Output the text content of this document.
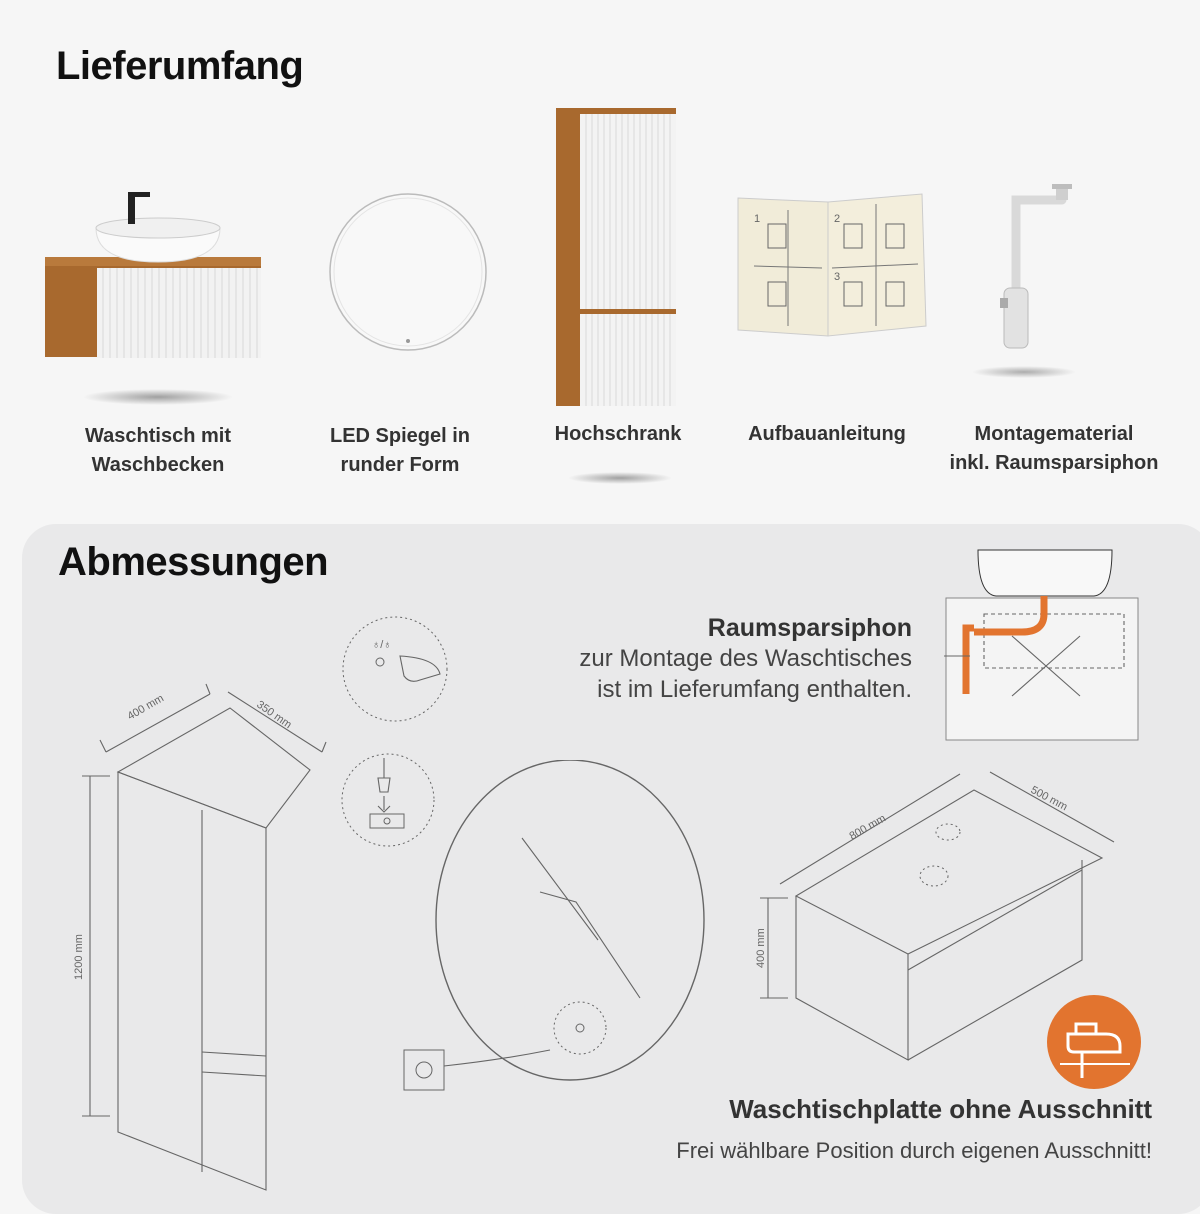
Lieferumfang
1	2
3
Waschtisch mit
Waschbecken
LED Spiegel in
runder Form
Hochschrank	Aufbauanleitung	Montagematerial
inkl. Raumsparsiphon
Abmessungen
400 mm	350 mm
1200 mm
♁/♁
Raumsparsiphon
zur Montage des Waschtisches
ist im Lieferumfang enthalten.
800 mm
500 mm
400 mm
Waschtischplatte ohne Ausschnitt
Frei wählbare Position durch eigenen Ausschnitt!
